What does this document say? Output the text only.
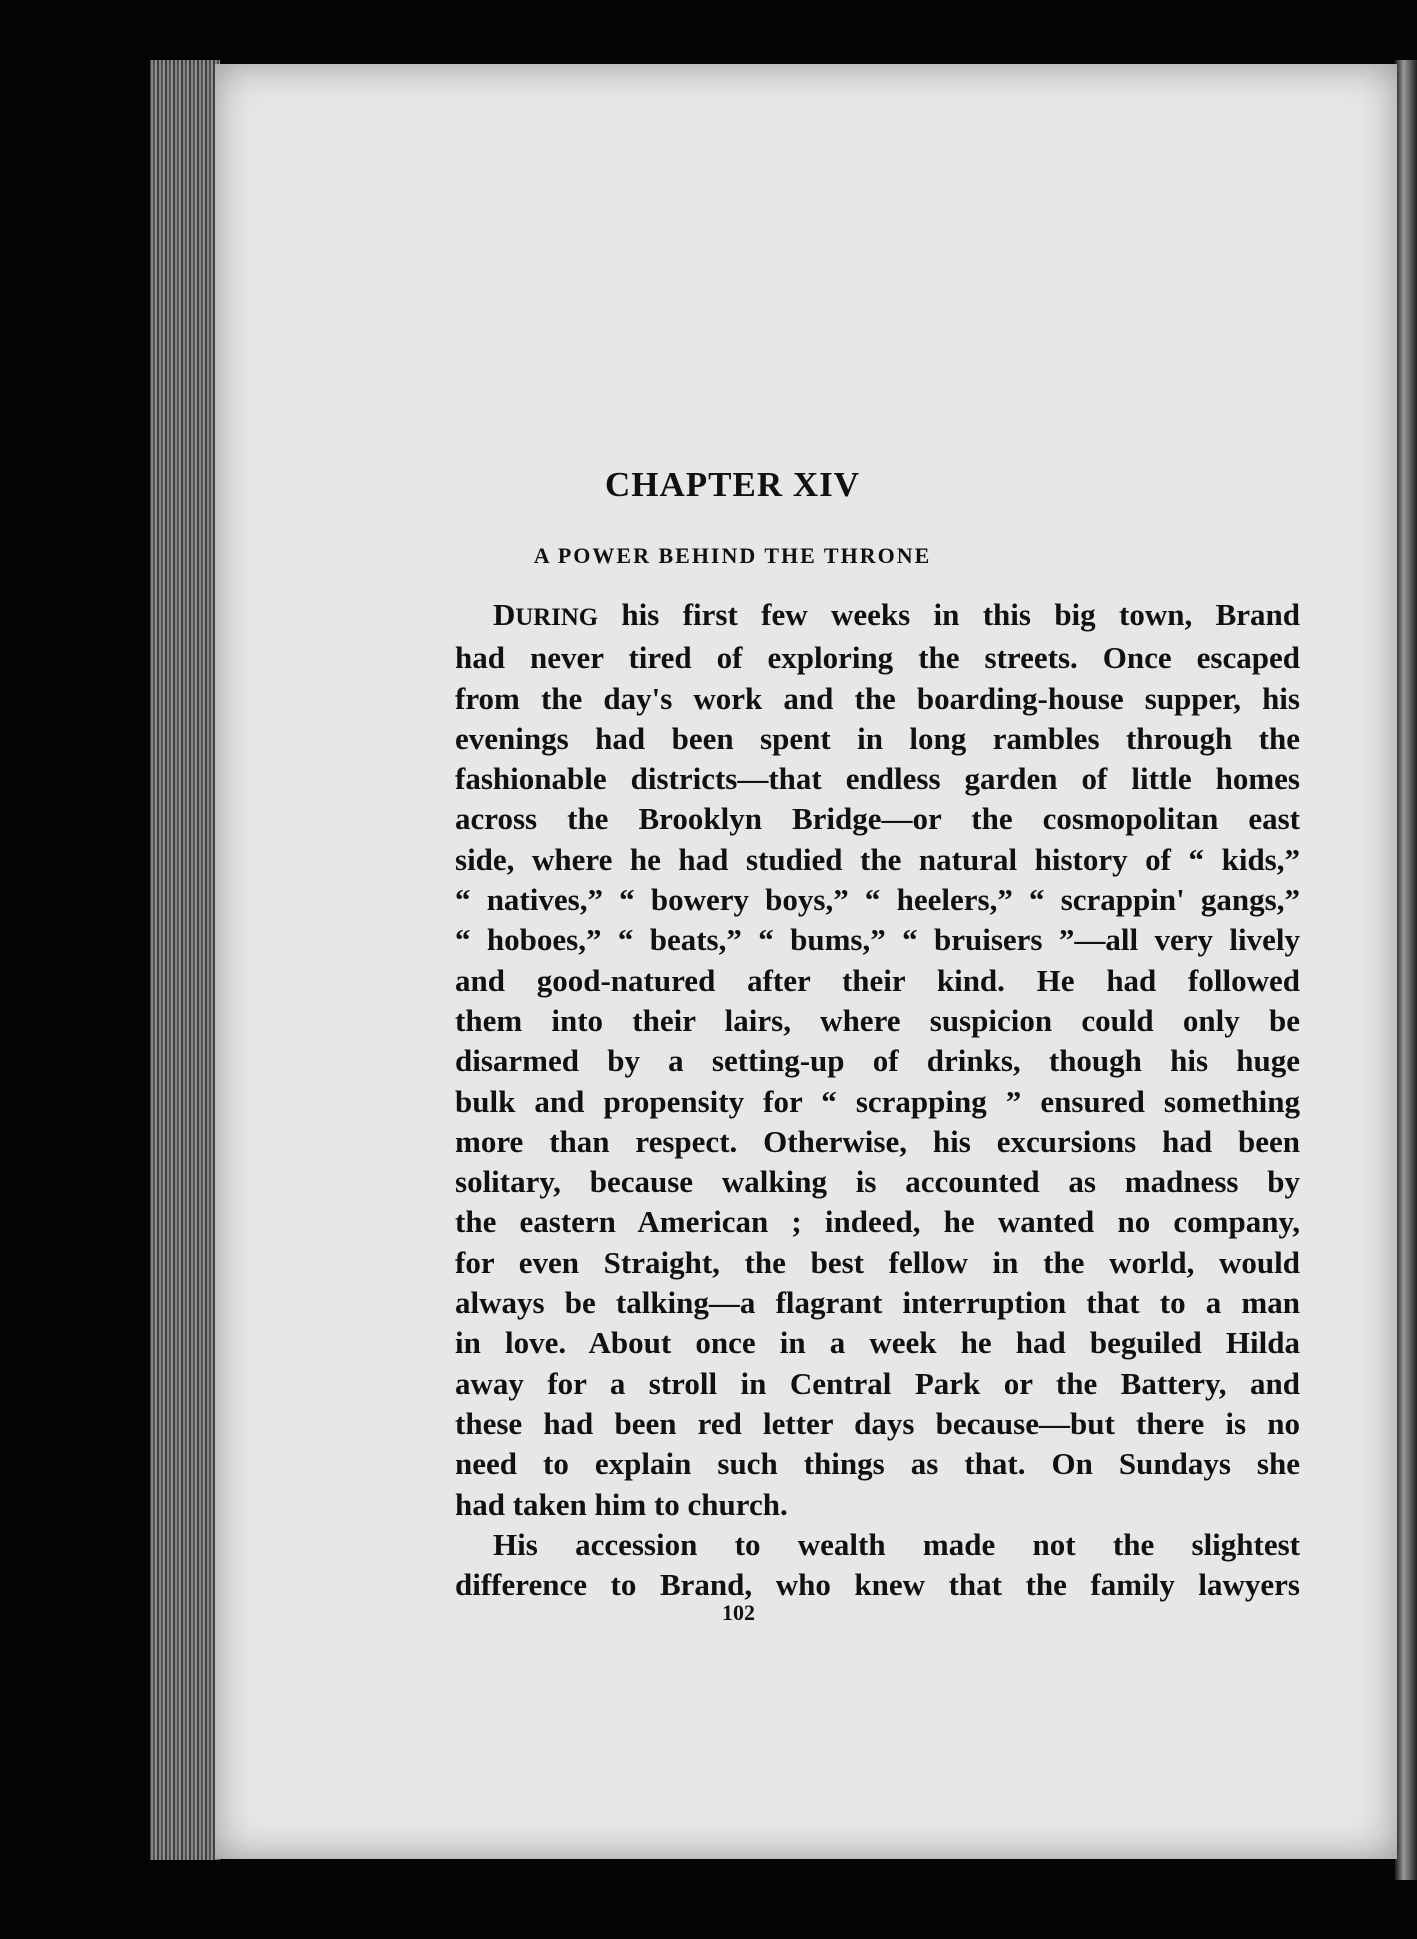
CHAPTER XIV
A POWER BEHIND THE THRONE
DURING his first few weeks in this big town, Brand
had never tired of exploring the streets. Once escaped
from the day's work and the boarding-house supper, his
evenings had been spent in long rambles through the
fashionable districts—that endless garden of little homes
across the Brooklyn Bridge—or the cosmopolitan east
side, where he had studied the natural history of “ kids,”
“ natives,” “ bowery boys,” “ heelers,” “ scrappin' gangs,”
“ hoboes,” “ beats,” “ bums,” “ bruisers ”—all very lively
and good-natured after their kind. He had followed
them into their lairs, where suspicion could only be
disarmed by a setting-up of drinks, though his huge
bulk and propensity for “ scrapping ” ensured something
more than respect. Otherwise, his excursions had been
solitary, because walking is accounted as madness by
the eastern American ; indeed, he wanted no company,
for even Straight, the best fellow in the world, would
always be talking—a flagrant interruption that to a man
in love. About once in a week he had beguiled Hilda
away for a stroll in Central Park or the Battery, and
these had been red letter days because—but there is no
need to explain such things as that. On Sundays she
had taken him to church.
His accession to wealth made not the slightest
difference to Brand, who knew that the family lawyers
102
